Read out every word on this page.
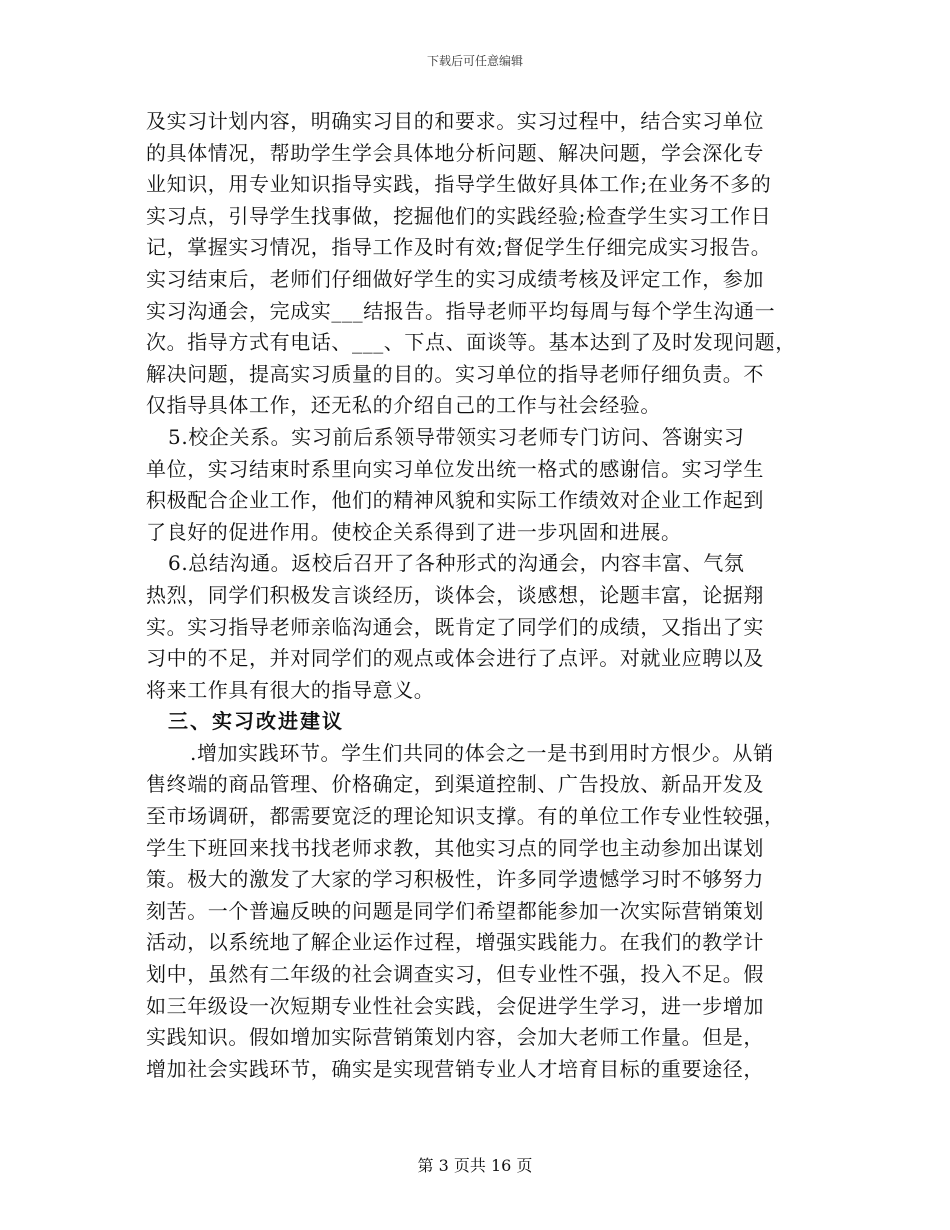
下载后可任意编辑
及实习计划内容，明确实习目的和要求。实习过程中，结合实习单位
的具体情况，帮助学生学会具体地分析问题、解决问题，学会深化专
业知识，用专业知识指导实践，指导学生做好具体工作;在业务不多的
实习点，引导学生找事做，挖掘他们的实践经验;检查学生实习工作日
记，掌握实习情况，指导工作及时有效;督促学生仔细完成实习报告。
实习结束后，老师们仔细做好学生的实习成绩考核及评定工作，参加
实习沟通会，完成实___结报告。指导老师平均每周与每个学生沟通一
次。指导方式有电话、___、下点、面谈等。基本达到了及时发现问题，
解决问题，提高实习质量的目的。实习单位的指导老师仔细负责。不
仅指导具体工作，还无私的介绍自己的工作与社会经验。
5.校企关系。实习前后系领导带领实习老师专门访问、答谢实习
单位，实习结束时系里向实习单位发出统一格式的感谢信。实习学生
积极配合企业工作，他们的精神风貌和实际工作绩效对企业工作起到
了良好的促进作用。使校企关系得到了进一步巩固和进展。
6.总结沟通。返校后召开了各种形式的沟通会，内容丰富、气氛
热烈，同学们积极发言谈经历，谈体会，谈感想，论题丰富，论据翔
实。实习指导老师亲临沟通会，既肯定了同学们的成绩，又指出了实
习中的不足，并对同学们的观点或体会进行了点评。对就业应聘以及
将来工作具有很大的指导意义。
三、实习改进建议
.增加实践环节。学生们共同的体会之一是书到用时方恨少。从销
售终端的商品管理、价格确定，到渠道控制、广告投放、新品开发及
至市场调研，都需要宽泛的理论知识支撑。有的单位工作专业性较强，
学生下班回来找书找老师求教，其他实习点的同学也主动参加出谋划
策。极大的激发了大家的学习积极性，许多同学遗憾学习时不够努力
刻苦。一个普遍反映的问题是同学们希望都能参加一次实际营销策划
活动，以系统地了解企业运作过程，增强实践能力。在我们的教学计
划中，虽然有二年级的社会调查实习，但专业性不强，投入不足。假
如三年级设一次短期专业性社会实践，会促进学生学习，进一步增加
实践知识。假如增加实际营销策划内容，会加大老师工作量。但是，
增加社会实践环节，确实是实现营销专业人才培育目标的重要途径，
第 3 页共 16 页
